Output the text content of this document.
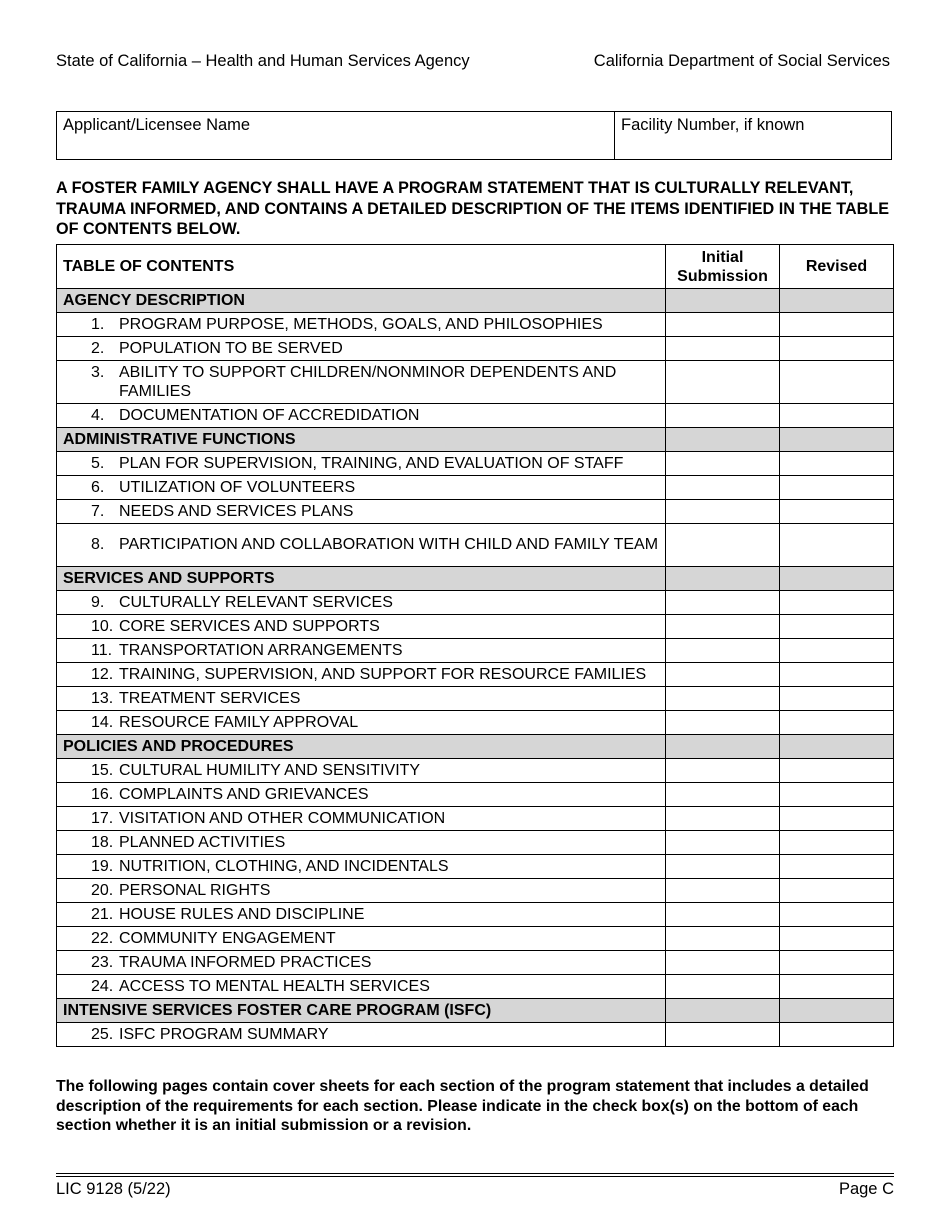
State of California – Health and Human Services Agency	California Department of Social Services
Applicant/Licensee Name	Facility Number, if known
A FOSTER FAMILY AGENCY SHALL HAVE A PROGRAM STATEMENT THAT IS CULTURALLY RELEVANT, TRAUMA INFORMED, AND CONTAINS A DETAILED DESCRIPTION OF THE ITEMS IDENTIFIED IN THE TABLE OF CONTENTS BELOW.
TABLE OF CONTENTS	Initial Submission	Revised
AGENCY DESCRIPTION		

1. PROGRAM PURPOSE, METHODS, GOALS, AND PHILOSOPHIES		

2. POPULATION TO BE SERVED		

3. ABILITY TO SUPPORT CHILDREN/NONMINOR DEPENDENTS AND FAMILIES		

4. DOCUMENTATION OF ACCREDIDATION		

ADMINISTRATIVE FUNCTIONS		

5. PLAN FOR SUPERVISION, TRAINING, AND EVALUATION OF STAFF		

6. UTILIZATION OF VOLUNTEERS		

7. NEEDS AND SERVICES PLANS		

8. PARTICIPATION AND COLLABORATION WITH CHILD AND FAMILY TEAM		

SERVICES AND SUPPORTS		

9. CULTURALLY RELEVANT SERVICES		

10. CORE SERVICES AND SUPPORTS		

11. TRANSPORTATION ARRANGEMENTS		

12. TRAINING, SUPERVISION, AND SUPPORT FOR RESOURCE FAMILIES		

13. TREATMENT SERVICES		

14. RESOURCE FAMILY APPROVAL		

POLICIES AND PROCEDURES		

15. CULTURAL HUMILITY AND SENSITIVITY		

16. COMPLAINTS AND GRIEVANCES		

17. VISITATION AND OTHER COMMUNICATION		

18. PLANNED ACTIVITIES		

19. NUTRITION, CLOTHING, AND INCIDENTALS		

20. PERSONAL RIGHTS		

21. HOUSE RULES AND DISCIPLINE		

22. COMMUNITY ENGAGEMENT		

23. TRAUMA INFORMED PRACTICES		

24. ACCESS TO MENTAL HEALTH SERVICES		

INTENSIVE SERVICES FOSTER CARE PROGRAM (ISFC)		

25. ISFC PROGRAM SUMMARY		

The following pages contain cover sheets for each section of the program statement that includes a detailed description of the requirements for each section. Please indicate in the check box(s) on the bottom of each section whether it is an initial submission or a revision.
LIC 9128 (5/22)	Page C
